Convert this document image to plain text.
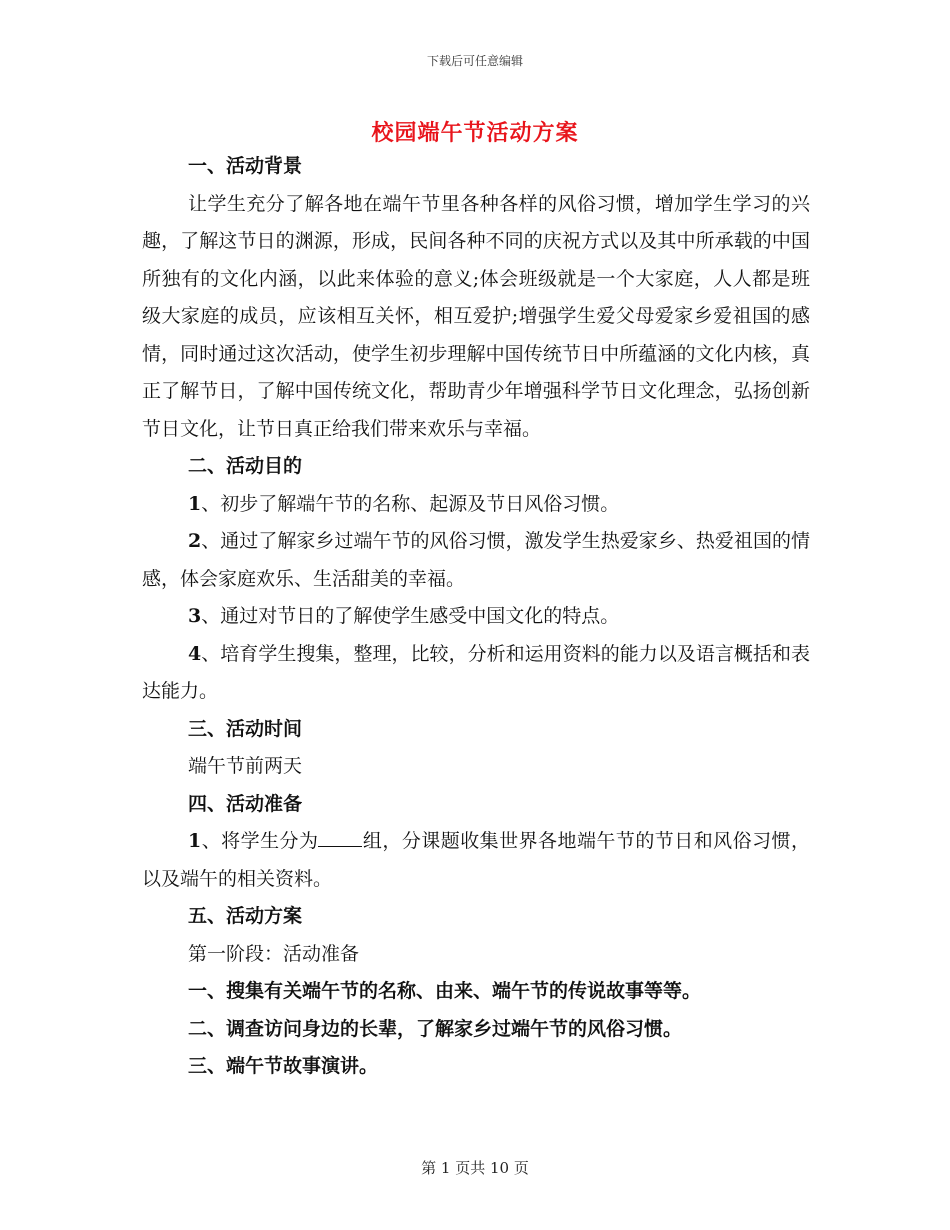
下载后可任意编辑
校园端午节活动方案

一、活动背景

让学生充分了解各地在端午节里各种各样的风俗习惯，增加学生学习的兴趣，了解这节日的渊源，形成，民间各种不同的庆祝方式以及其中所承载的中国所独有的文化内涵，以此来体验的意义;体会班级就是一个大家庭，人人都是班级大家庭的成员，应该相互关怀，相互爱护;增强学生爱父母爱家乡爱祖国的感情，同时通过这次活动，使学生初步理解中国传统节日中所蕴涵的文化内核，真正了解节日，了解中国传统文化，帮助青少年增强科学节日文化理念，弘扬创新节日文化，让节日真正给我们带来欢乐与幸福。

二、活动目的

1、初步了解端午节的名称、起源及节日风俗习惯。

2、通过了解家乡过端午节的风俗习惯，激发学生热爱家乡、热爱祖国的情感，体会家庭欢乐、生活甜美的幸福。

3、通过对节日的了解使学生感受中国文化的特点。

4、培育学生搜集，整理，比较，分析和运用资料的能力以及语言概括和表达能力。

三、活动时间

端午节前两天

四、活动准备

1、将学生分为 组，分课题收集世界各地端午节的节日和风俗习惯，以及端午的相关资料。

五、活动方案

第一阶段：活动准备

一、搜集有关端午节的名称、由来、端午节的传说故事等等。

二、调查访问身边的长辈，了解家乡过端午节的风俗习惯。

三、端午节故事演讲。

第 1 页共 10 页
